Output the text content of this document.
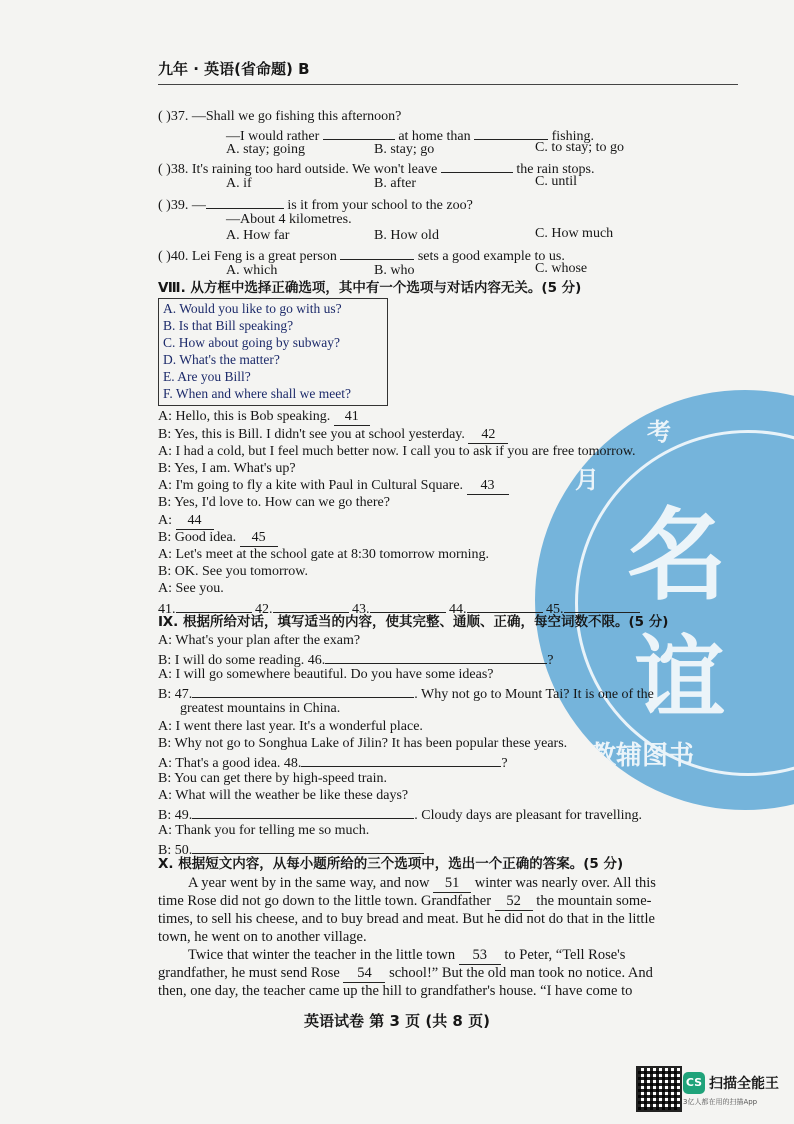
九年 · 英语(省命题) B
( )37. —Shall we go fishing this afternoon?
—I would rather	at home than	fishing.
A. stay; going	B. stay; go	C. to stay; to go
( )38. It's raining too hard outside. We won't leave	the rain stops.
A. if	B. after	C. until
( )39. —	is it from your school to the zoo?
—About 4 kilometres.
A. How far	B. How old	C. How much
( )40. Lei Feng is a great person	sets a good example to us.
A. which	B. who	C. whose
Ⅷ. 从方框中选择正确选项，其中有一个选项与对话内容无关。(5 分)
A. Would you like to go with us?
B. Is that Bill speaking?
C. How about going by subway?
D. What's the matter?
E. Are you Bill?
F. When and where shall we meet?
月
考
名
谊
教辅图书
A: Hello, this is Bob speaking. 41
B: Yes, this is Bill. I didn't see you at school yesterday. 42
A: I had a cold, but I feel much better now. I call you to ask if you are free tomorrow.
B: Yes, I am. What's up?
A: I'm going to fly a kite with Paul in Cultural Square. 43
B: Yes, I'd love to. How can we go there?
A: 44
B: Good idea. 45
A: Let's meet at the school gate at 8:30 tomorrow morning.
B: OK. See you tomorrow.
A: See you.
41.	42.	43.	44.	45.
Ⅸ. 根据所给对话，填写适当的内容，使其完整、通顺、正确，每空词数不限。(5 分)
A: What's your plan after the exam?
B: I will do some reading. 46.	?
A: I will go somewhere beautiful. Do you have some ideas?
B: 47.	. Why not go to Mount Tai? It is one of the
greatest mountains in China.
A: I went there last year. It's a wonderful place.
B: Why not go to Songhua Lake of Jilin? It has been popular these years.
A: That's a good idea. 48.	?
B: You can get there by high-speed train.
A: What will the weather be like these days?
B: 49.	. Cloudy days are pleasant for travelling.
A: Thank you for telling me so much.
B: 50.
Ⅹ. 根据短文内容，从每小题所给的三个选项中，选出一个正确的答案。(5 分)
A year went by in the same way, and now 51 winter was nearly over. All this
time Rose did not go down to the little town. Grandfather 52 the mountain some-
times, to sell his cheese, and to buy bread and meat. But he did not do that in the little
town, he went on to another village.
Twice that winter the teacher in the little town 53 to Peter, “Tell Rose's
grandfather, he must send Rose 54 school!” But the old man took no notice. And
then, one day, the teacher came up the hill to grandfather's house. “I have come to
英语试卷 第 3 页 (共 8 页)
CS 扫描全能王
3亿人都在用的扫描App
